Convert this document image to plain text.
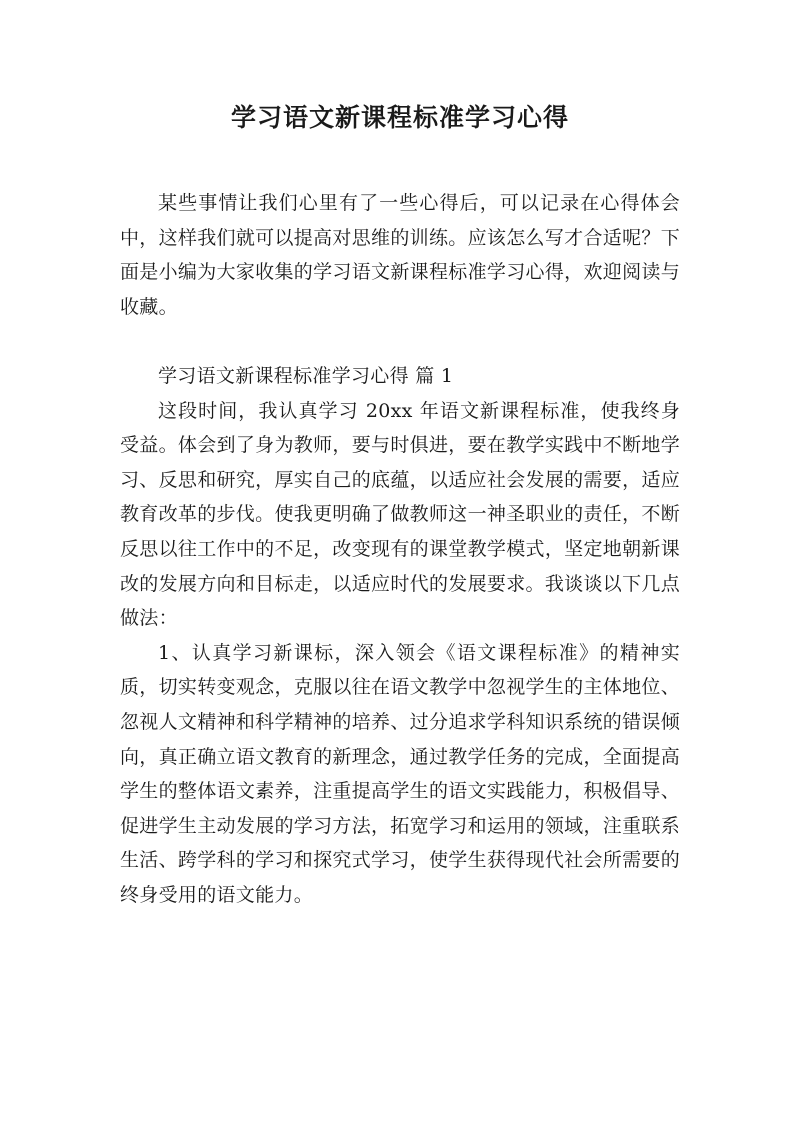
学习语文新课程标准学习心得

某些事情让我们心里有了一些心得后，可以记录在心得体会中，这样我们就可以提高对思维的训练。应该怎么写才合适呢？下面是小编为大家收集的学习语文新课程标准学习心得，欢迎阅读与收藏。

学习语文新课程标准学习心得 篇 1

这段时间，我认真学习 20xx 年语文新课程标准，使我终身受益。体会到了身为教师，要与时俱进，要在教学实践中不断地学习、反思和研究，厚实自己的底蕴，以适应社会发展的需要，适应教育改革的步伐。使我更明确了做教师这一神圣职业的责任，不断反思以往工作中的不足，改变现有的课堂教学模式，坚定地朝新课改的发展方向和目标走，以适应时代的发展要求。我谈谈以下几点做法：

1、认真学习新课标，深入领会《语文课程标准》的精神实质，切实转变观念，克服以往在语文教学中忽视学生的主体地位、忽视人文精神和科学精神的培养、过分追求学科知识系统的错误倾向，真正确立语文教育的新理念，通过教学任务的完成，全面提高学生的整体语文素养，注重提高学生的语文实践能力，积极倡导、促进学生主动发展的学习方法，拓宽学习和运用的领域，注重联系生活、跨学科的学习和探究式学习，使学生获得现代社会所需要的终身受用的语文能力。
